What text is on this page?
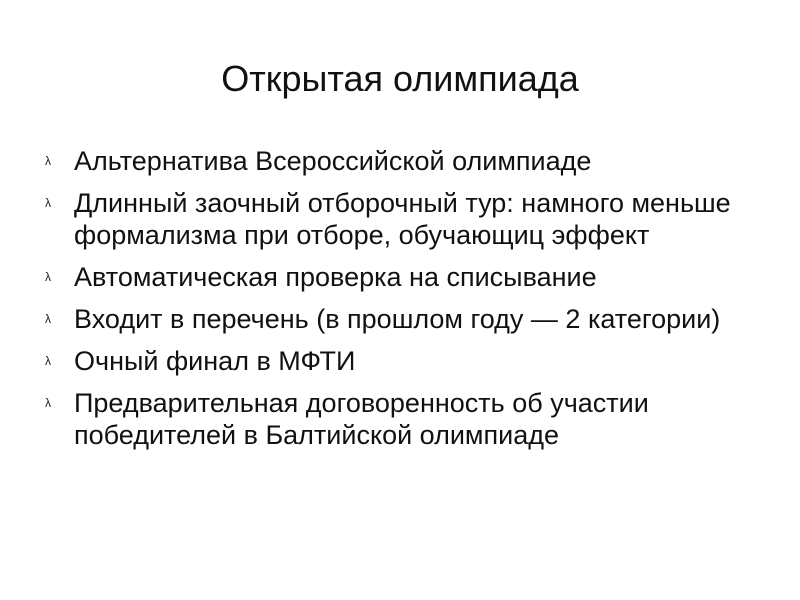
Открытая олимпиада
λ Альтернатива Всероссийской олимпиаде
λ Длинный заочный отборочный тур: намного меньше формализма при отборе, обучающиц эффект
λ Автоматическая проверка на списывание
λ Входит в перечень (в прошлом году — 2 категории)
λ Очный финал в МФТИ
λ Предварительная договоренность об участии победителей в Балтийской олимпиаде
